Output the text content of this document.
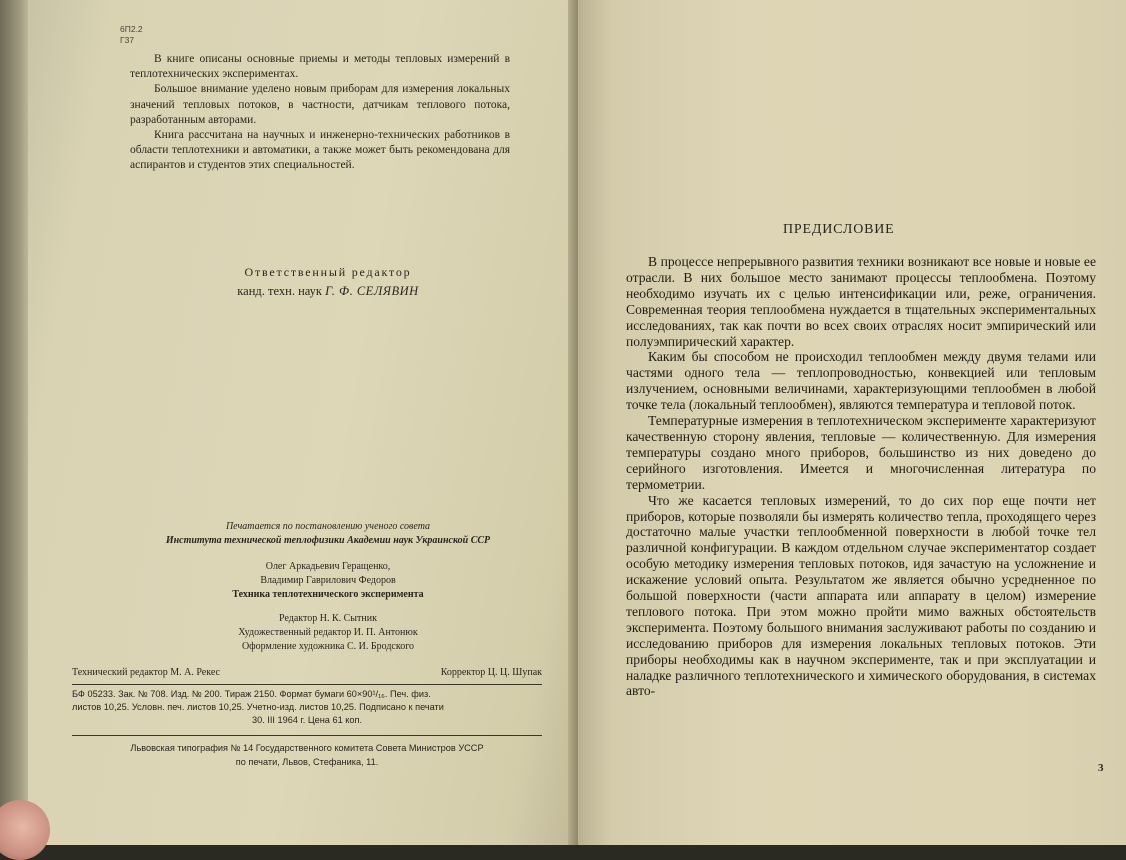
6П2.2
Г37

В книге описаны основные приемы и методы тепловых измерений в теплотехнических экспериментах.

Большое внимание уделено новым приборам для измерения локальных значений тепловых потоков, в частности, датчикам теплового потока, разработанным авторами.

Книга рассчитана на научных и инженерно-технических работников в области теплотехники и автоматики, а также может быть рекомендована для аспирантов и студентов этих специальностей.

Ответственный редактор
канд. техн. наук Г. Ф. СЕЛЯВИН
Печатается по постановлению ученого совета
Института технической теплофизики Академии наук Украинской ССР
Олег Аркадьевич Геращенко,
Владимир Гаврилович Федоров
Техника теплотехнического эксперимента
Редактор Н. К. Сытник
Художественный редактор И. П. Антонюк
Оформление художника С. И. Бродского
Технический редактор М. А. Рекес	Корректор Ц. Ц. Шупак
БФ 05233. Зак. № 708. Изд. № 200. Тираж 2150. Формат бумаги 60×90¹/₁₆. Печ. физ.
листов 10,25. Условн. печ. листов 10,25. Учетно-изд. листов 10,25. Подписано к печати
30. III 1964 г. Цена 61 коп.
Львовская типография № 14 Государственного комитета Совета Министров УССР
по печати, Львов, Стефаника, 11.
ПРЕДИСЛОВИЕ

В процессе непрерывного развития техники возникают все новые и новые ее отрасли. В них большое место занимают процессы теплообмена. Поэтому необходимо изучать их с целью интенсификации или, реже, ограничения. Современная теория теплообмена нуждается в тщательных экспериментальных исследованиях, так как почти во всех своих отраслях носит эмпирический или полуэмпирический характер.

Каким бы способом не происходил теплообмен между двумя телами или частями одного тела — теплопроводностью, конвекцией или тепловым излучением, основными величинами, характеризующими теплообмен в любой точке тела (локальный теплообмен), являются температура и тепловой поток.

Температурные измерения в теплотехническом эксперименте характеризуют качественную сторону явления, тепловые — количественную. Для измерения температуры создано много приборов, большинство из них доведено до серийного изготовления. Имеется и многочисленная литература по термометрии.

Что же касается тепловых измерений, то до сих пор еще почти нет приборов, которые позволяли бы измерять количество тепла, проходящего через достаточно малые участки теплообменной поверхности в любой точке тел различной конфигурации. В каждом отдельном случае экспериментатор создает особую методику измерения тепловых потоков, идя зачастую на усложнение и искажение условий опыта. Результатом же является обычно усредненное по большой поверхности (части аппарата или аппарату в целом) измерение теплового потока. При этом можно пройти мимо важных обстоятельств эксперимента. Поэтому большого внимания заслуживают работы по созданию и исследованию приборов для измерения локальных тепловых потоков. Эти приборы необходимы как в научном эксперименте, так и при эксплуатации и наладке различного теплотехнического и химического оборудования, в системах авто-

3
